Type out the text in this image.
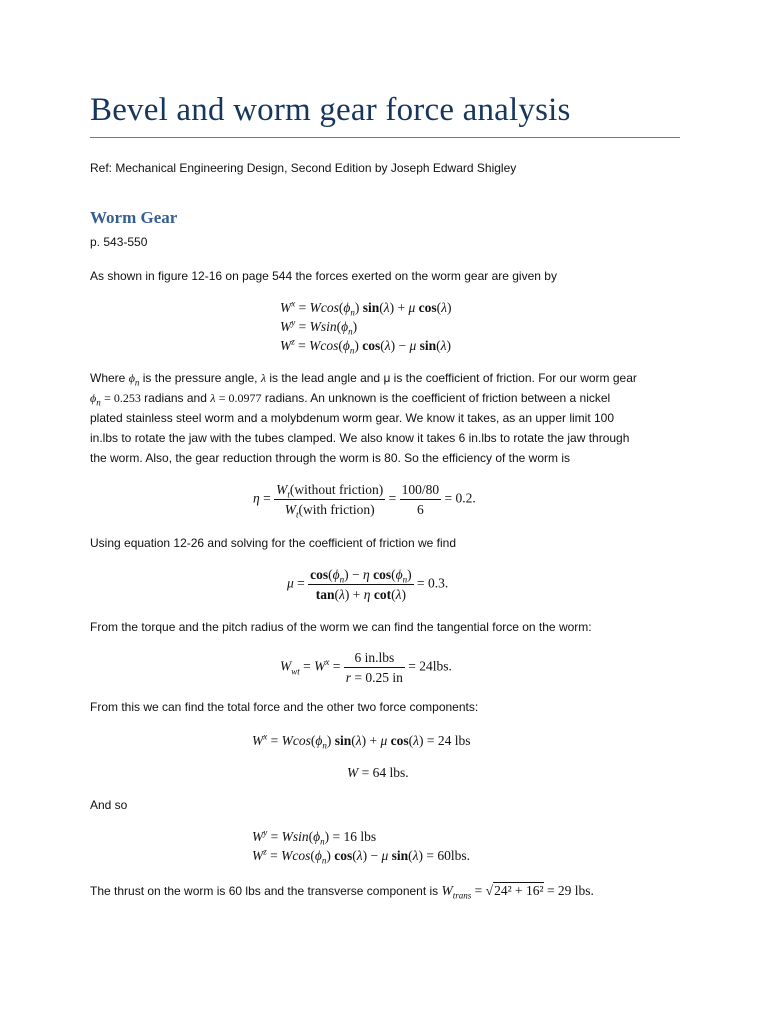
Bevel and worm gear force analysis
Ref: Mechanical Engineering Design, Second Edition by Joseph Edward Shigley
Worm Gear
p. 543-550
As shown in figure 12-16 on page 544 the forces exerted on the worm gear are given by
$W^x = Wcos(\phi_n) \sin(\lambda) + \mu$ cos(λ)
$W^y = Wsin(\phi_n)$
$W^z = Wcos(\phi_n) \cos(\lambda) - \mu$ sin(λ)
Where $\phi_n$ is the pressure angle, λ is the lead angle and μ is the coefficient of friction. For our worm gear
$\phi_n = 0.253$ radians and λ = 0.0977 radians. An unknown is the coefficient of friction between a nickel
plated stainless steel worm and a molybdenum worm gear. We know it takes, as an upper limit 100
in.lbs to rotate the jaw with the tubes clamped. We also know it takes 6 in.lbs to rotate the jaw through
the worm. Also, the gear reduction through the worm is 80. So the efficiency of the worm is
$\eta = \frac{W_t(without friction)}{W_t(with friction)} = \frac{100/80}{6} = 0.2$.
Using equation 12-26 and solving for the coefficient of friction we find
$\mu = \frac{\cos(\phi_n) - \eta \cos(\phi_n)}{\text{tan(λ) + η cot(λ)}} = 0.3$.
From the torque and the pitch radius of the worm we can find the tangential force on the worm:
$W_{wt} = W^x = \frac{\text{6 in.lbs}}{r = 0.25 in} = 24lbs$.
From this we can find the total force and the other two force components:
$W^x = Wcos(\phi_n) \sin(\lambda) + \mu$ cos(λ) = 24 lbs
W = 64 lbs.
And so
$W^y = Wsin(\phi_n) = 16$ lbs
$W^z = Wcos(\phi_n) \cos(\lambda) - \mu$ sin(λ) = 60lbs.
The thrust on the worm is 60 lbs and the transverse component is $W_{trans} = √24^2 + 16^2 = 29$ lbs.
